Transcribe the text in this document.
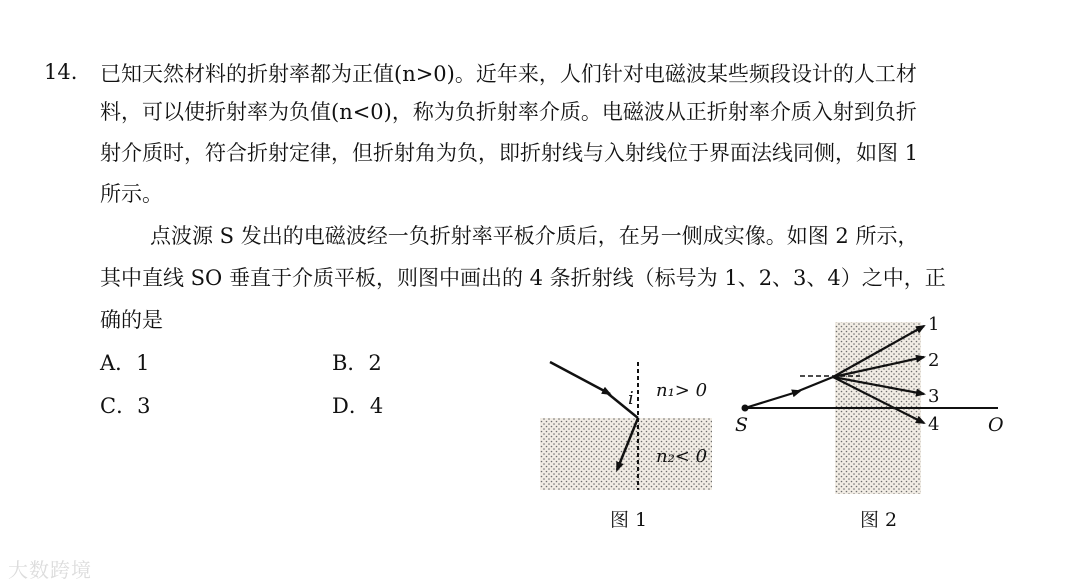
14. 已知天然材料的折射率都为正值(n>0)。近年来，人们针对电磁波某些频段设计的人工材
料，可以使折射率为负值(n<0)，称为负折射率介质。电磁波从正折射率介质入射到负折
射介质时，符合折射定律，但折射角为负，即折射线与入射线位于界面法线同侧，如图 1
所示。
点波源 S 发出的电磁波经一负折射率平板介质后，在另一侧成实像。如图 2 所示，
其中直线 SO 垂直于介质平板，则图中画出的 4 条折射线（标号为 1、2、3、4）之中，正
确的是
A．1	B．2
C．3	D．4	i n₁> 0
n₂< 0
图 1
S	O
1
2
3
4
图 2
大数跨境
